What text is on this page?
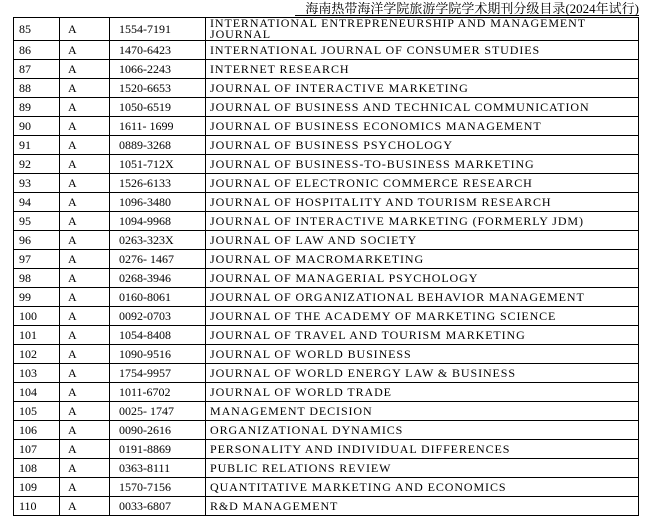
海南热带海洋学院旅游学院学术期刊分级目录(2024年试行)
85	A	1554-7191	INTERNATIONAL ENTREPRENEURSHIP AND MANAGEMENT JOURNAL
86	A	1470-6423	INTERNATIONAL JOURNAL OF CONSUMER STUDIES
87	A	1066-2243	INTERNET RESEARCH
88	A	1520-6653	JOURNAL OF INTERACTIVE MARKETING
89	A	1050-6519	JOURNAL OF BUSINESS AND TECHNICAL COMMUNICATION
90	A	1611- 1699	JOURNAL OF BUSINESS ECONOMICS MANAGEMENT
91	A	0889-3268	JOURNAL OF BUSINESS PSYCHOLOGY
92	A	1051-712X	JOURNAL OF BUSINESS-TO-BUSINESS MARKETING
93	A	1526-6133	JOURNAL OF ELECTRONIC COMMERCE RESEARCH
94	A	1096-3480	JOURNAL OF HOSPITALITY AND TOURISM RESEARCH
95	A	1094-9968	JOURNAL OF INTERACTIVE MARKETING (FORMERLY JDM)
96	A	0263-323X	JOURNAL OF LAW AND SOCIETY
97	A	0276- 1467	JOURNAL OF MACROMARKETING
98	A	0268-3946	JOURNAL OF MANAGERIAL PSYCHOLOGY
99	A	0160-8061	JOURNAL OF ORGANIZATIONAL BEHAVIOR MANAGEMENT
100	A	0092-0703	JOURNAL OF THE ACADEMY OF MARKETING SCIENCE
101	A	1054-8408	JOURNAL OF TRAVEL AND TOURISM MARKETING
102	A	1090-9516	JOURNAL OF WORLD BUSINESS
103	A	1754-9957	JOURNAL OF WORLD ENERGY LAW & BUSINESS
104	A	1011-6702	JOURNAL OF WORLD TRADE
105	A	0025- 1747	MANAGEMENT DECISION
106	A	0090-2616	ORGANIZATIONAL DYNAMICS
107	A	0191-8869	PERSONALITY AND INDIVIDUAL DIFFERENCES
108	A	0363-8111	PUBLIC RELATIONS REVIEW
109	A	1570-7156	QUANTITATIVE MARKETING AND ECONOMICS
110	A	0033-6807	R&D MANAGEMENT
